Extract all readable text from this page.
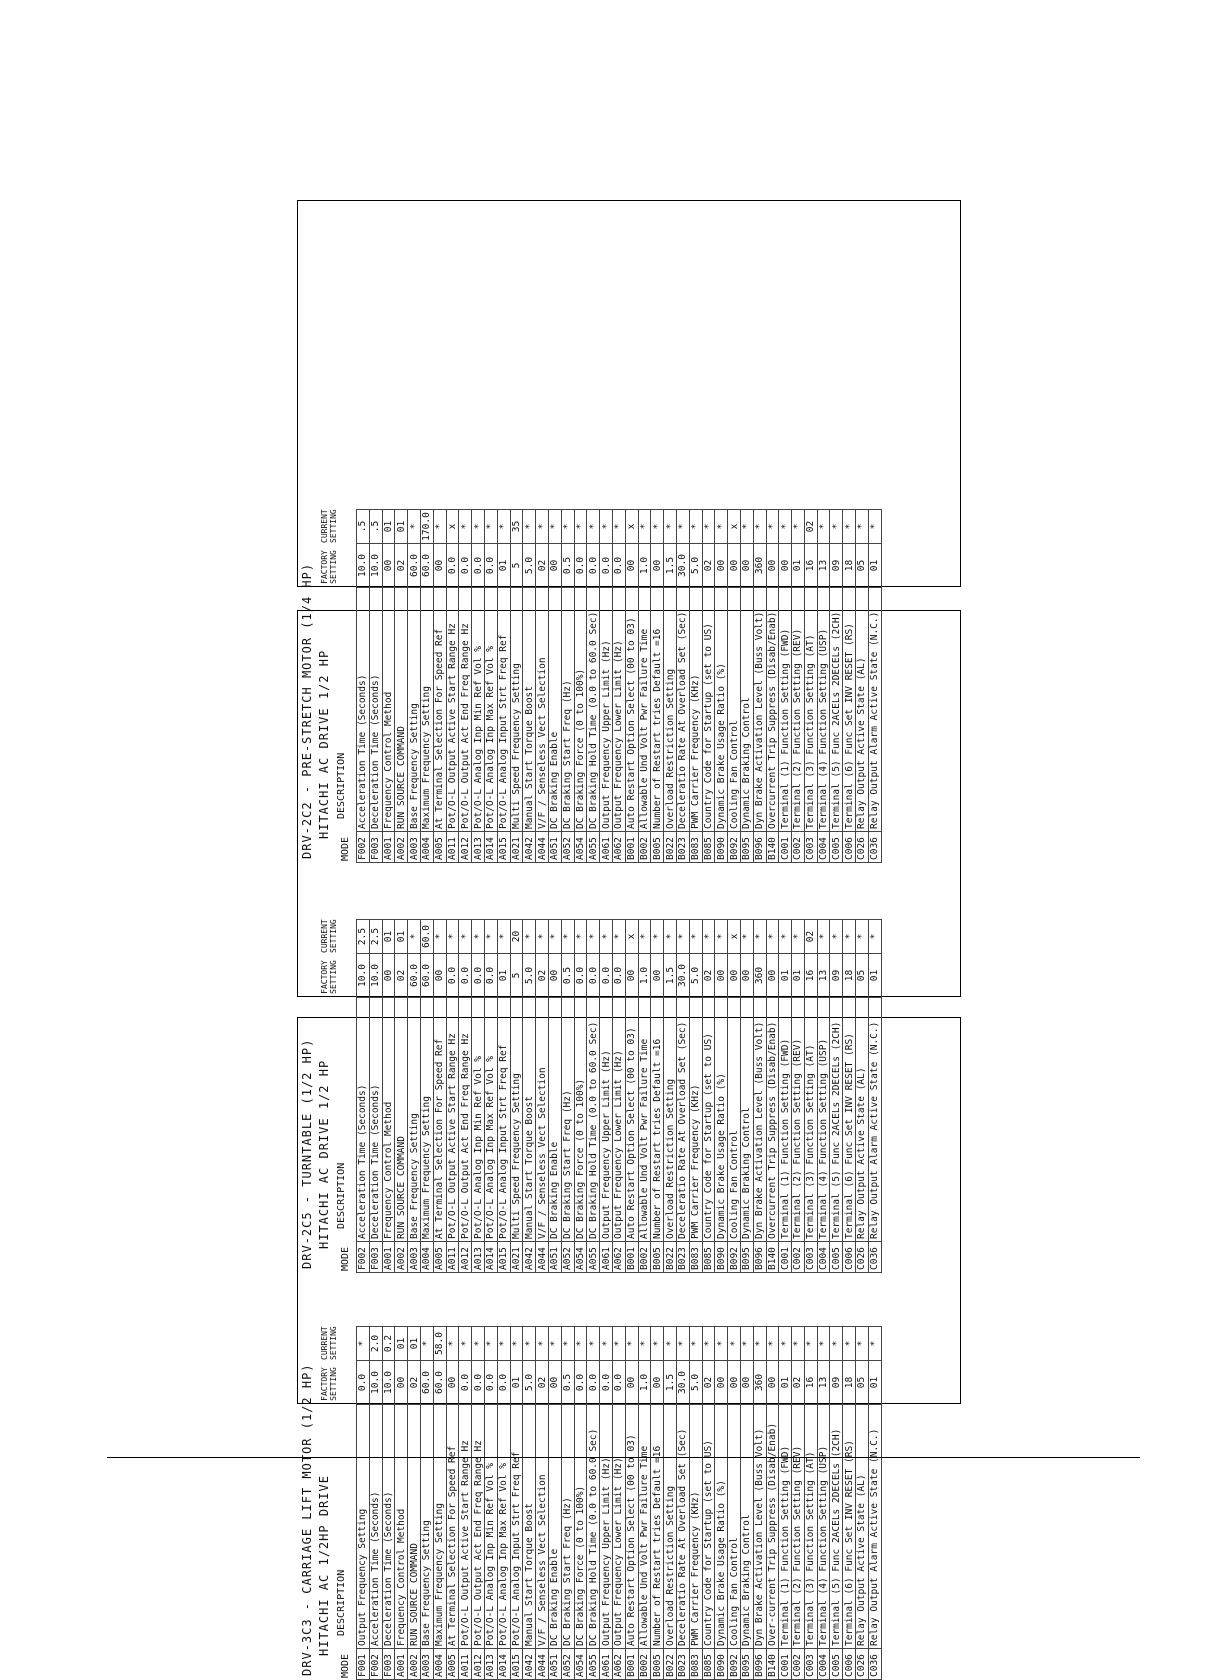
DRV-3C3 - CARRIAGE LIFT MOTOR (1/2 HP) HITACHI AC 1/2HP DRIVE
MODE
DESCRIPTION
FACTORY SETTING
CURRENT SETTING
F001	Output Frequency Setting	0.0	*
F002	Acceleration Time (Seconds)	10.0	2.0
F003	Deceleration Time (Seconds)	10.0	0.2
A001	Frequency Control Method	00	01
A002	RUN SOURCE COMMAND	02	01
A003	Base Frequency Setting	60.0	*
A004	Maximum Frequency Setting	60.0	58.0
A005	At Terminal Selection For Speed Ref	00	*
A011	Pot/O-L Output Active Start Range Hz	0.0	*
A012	Pot/O-L Output Act End Freq Range Hz	0.0	*
A013	Pot/O-L Analog Inp Min Ref Vol %	0.0	*
A014	Pot/O-L Analog Inp Max Ref Vol %	0.0	*
A015	Pot/O-L Analog Input Strt Freq Ref	01	*
A042	Manual Start Torque Boost	5.0	*
A044	V/F / Senseless Vect Selection	02	*
A051	DC Braking Enable	00	*
A052	DC Braking Start Freq (Hz)	0.5	*
A054	DC Braking Force (0 to 100%)	0.0	*
A055	DC Braking Hold Time (0.0 to 60.0 Sec)	0.0	*
A061	Output Frequency Upper Limit (Hz)	0.0	*
A062	Output Frequency Lower Limit (Hz)	0.0	*
B001	Auto Restart Option Select (00 to 03)	00	*
B002	Allowable Und Volt Pwr Failure Time	1.0	*
B005	Number of Restart tries Default =16	00	*
B022	Overload Restriction Setting	1.5	*
B023	Deceleratio Rate At Overload Set (Sec)	30.0	*
B083	PWM Carrier Frequency (KHz)	5.0	*
B085	Country Code for Startup (set to US)	02	*
B090	Dynamic Brake Usage Ratio (%)	00	*
B092	Cooling Fan Control	00	*
B095	Dynamic Braking Control	00	*
B096	Dyn Brake Activation Level (Buss Volt)	360	*
B140	Over-current Trip Suppress (Disab/Enab)	00	*
C001	Terminal (1) Function Setting (FWD)	01	*
C002	Terminal (2) Function Setting (REV)	02	*
C003	Terminal (3) Function Setting (AT)	16	*
C004	Terminal (4) Function Setting (USP)	13	*
C005	Terminal (5) Func 2ACELs 2DECELs (2CH)	09	*
C006	Terminal (6) Func Set INV RESET (RS)	18	*
C026	Relay Output Active State (AL)	05	*
C036	Relay Output Alarm Active State (N.C.)	01	*
DRV-2C5 - TURNTABLE (1/2 HP) HITACHI AC DRIVE 1/2 HP
MODE
DESCRIPTION
FACTORY SETTING
CURRENT SETTING
F002	Acceleration Time (Seconds)	10.0	2.5
F003	Deceleration Time (Seconds)	10.0	2.5
A001	Frequency Control Method	00	01
A002	RUN SOURCE COMMAND	02	01
A003	Base Frequency Setting	60.0	*
A004	Maximum Frequency Setting	60.0	60.0
A005	At Terminal Selection For Speed Ref	00	*
A011	Pot/O-L Output Active Start Range Hz	0.0	*
A012	Pot/O-L Output Act End Freq Range Hz	0.0	*
A013	Pot/O-L Analog Inp Min Ref Vol %	0.0	*
A014	Pot/O-L Analog Inp Max Ref Vol %	0.0	*
A015	Pot/O-L Analog Input Strt Freq Ref	01	*
A021	Multi Speed Frequency Setting	5	20
A042	Manual Start Torque Boost	5.0	*
A044	V/F / Senseless Vect Selection	02	*
A051	DC Braking Enable	00	*
A052	DC Braking Start Freq (Hz)	0.5	*
A054	DC Braking Force (0 to 100%)	0.0	*
A055	DC Braking Hold Time (0.0 to 60.0 Sec)	0.0	*
A061	Output Frequency Upper Limit (Hz)	0.0	*
A062	Output Frequency Lower Limit (Hz)	0.0	*
B001	Auto Restart Option Select (00 to 03)	00	x
B002	Allowable Und Volt Pwr Failure Time	1.0	*
B005	Number of Restart tries Default =16	00	*
B022	Overload Restriction Setting	1.5	*
B023	Deceleratio Rate At Overload Set (Sec)	30.0	*
B083	PWM Carrier Frequency (KHz)	5.0	*
B085	Country Code for Startup (set to US)	02	*
B090	Dynamic Brake Usage Ratio (%)	00	*
B092	Cooling Fan Control	00	x
B095	Dynamic Braking Control	00	*
B096	Dyn Brake Activation Level (Buss Volt)	360	*
B140	Overcurrent Trip Suppress (Disab/Enab)	00	*
C001	Terminal (1) Function Setting (FWD)	01	*
C002	Terminal (2) Function Setting (REV)	01	*
C003	Terminal (3) Function Setting (AT)	16	02
C004	Terminal (4) Function Setting (USP)	13	*
C005	Terminal (5) Func 2ACELs 2DECELs (2CH)	09	*
C006	Terminal (6) Func Set INV RESET (RS)	18	*
C026	Relay Output Active State (AL)	05	*
C036	Relay Output Alarm Active State (N.C.)	01	*
DRV-2C2 - PRE-STRETCH MOTOR (1/4 HP) HITACHI AC DRIVE 1/2 HP
MODE
DESCRIPTION
FACTORY SETTING
CURRENT SETTING
F002	Acceleration Time (Seconds)	10.0	.5
F003	Deceleration Time (Seconds)	10.0	.5
A001	Frequency Control Method	00	01
A002	RUN SOURCE COMMAND	02	01
A003	Base Frequency Setting	60.0	*
A004	Maximum Frequency Setting	60.0	170.0
A005	At Terminal Selection For Speed Ref	00	*
A011	Pot/O-L Output Active Start Range Hz	0.0	x
A012	Pot/O-L Output Act End Freq Range Hz	0.0	*
A013	Pot/O-L Analog Inp Min Ref Vol %	0.0	*
A014	Pot/O-L Analog Inp Max Ref Vol %	0.0	*
A015	Pot/O-L Analog Input Strt Freq Ref	01	*
A021	Multi Speed Frequency Setting	5	35
A042	Manual Start Torque Boost	5.0	*
A044	V/F / Senseless Vect Selection	02	*
A051	DC Braking Enable	00	*
A052	DC Braking Start Freq (Hz)	0.5	*
A054	DC Braking Force (0 to 100%)	0.0	*
A055	DC Braking Hold Time (0.0 to 60.0 Sec)	0.0	*
A061	Output Frequency Upper Limit (Hz)	0.0	*
A062	Output Frequency Lower Limit (Hz)	0.0	*
B001	Auto Restart Option Select (00 to 03)	00	x
B002	Allowable Und Volt Pwr Failure Time	1.0	*
B005	Number of Restart tries Default =16	00	*
B022	Overload Restriction Setting	1.5	*
B023	Deceleratio Rate At Overload Set (Sec)	30.0	*
B083	PWM Carrier Frequency (KHz)	5.0	*
B085	Country Code for Startup (set to US)	02	*
B090	Dynamic Brake Usage Ratio (%)	00	*
B092	Cooling Fan Control	00	x
B095	Dynamic Braking Control	00	*
B096	Dyn Brake Activation Level (Buss Volt)	360	*
B140	Overcurrent Trip Suppress (Disab/Enab)	00	*
C001	Terminal (1) Function Setting (FWD)	00	*
C002	Terminal (2) Function Setting (REV)	01	*
C003	Terminal (3) Function Setting (AT)	16	02
C004	Terminal (4) Function Setting (USP)	13	*
C005	Terminal (5) Func 2ACELs 2DECELs (2CH)	09	*
C006	Terminal (6) Func Set INV RESET (RS)	18	*
C026	Relay Output Active State (AL)	05	*
C036	Relay Output Alarm Active State (N.C.)	01	*
